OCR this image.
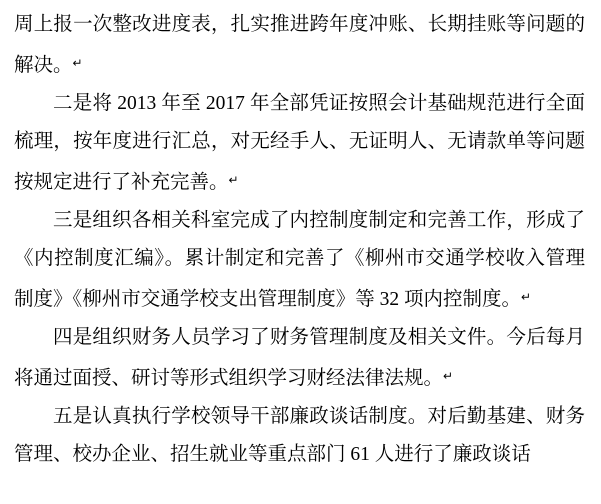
周上报一次整改进度表，扎实推进跨年度冲账、长期挂账等问题的解决。↵

二是将 2013 年至 2017 年全部凭证按照会计基础规范进行全面梳理，按年度进行汇总，对无经手人、无证明人、无请款单等问题按规定进行了补充完善。↵

三是组织各相关科室完成了内控制度制定和完善工作，形成了《内控制度汇编》。累计制定和完善了《柳州市交通学校收入管理制度》《柳州市交通学校支出管理制度》等 32 项内控制度。↵

四是组织财务人员学习了财务管理制度及相关文件。今后每月将通过面授、研讨等形式组织学习财经法律法规。↵

五是认真执行学校领导干部廉政谈话制度。对后勤基建、财务管理、校办企业、招生就业等重点部门 61 人进行了廉政谈话
